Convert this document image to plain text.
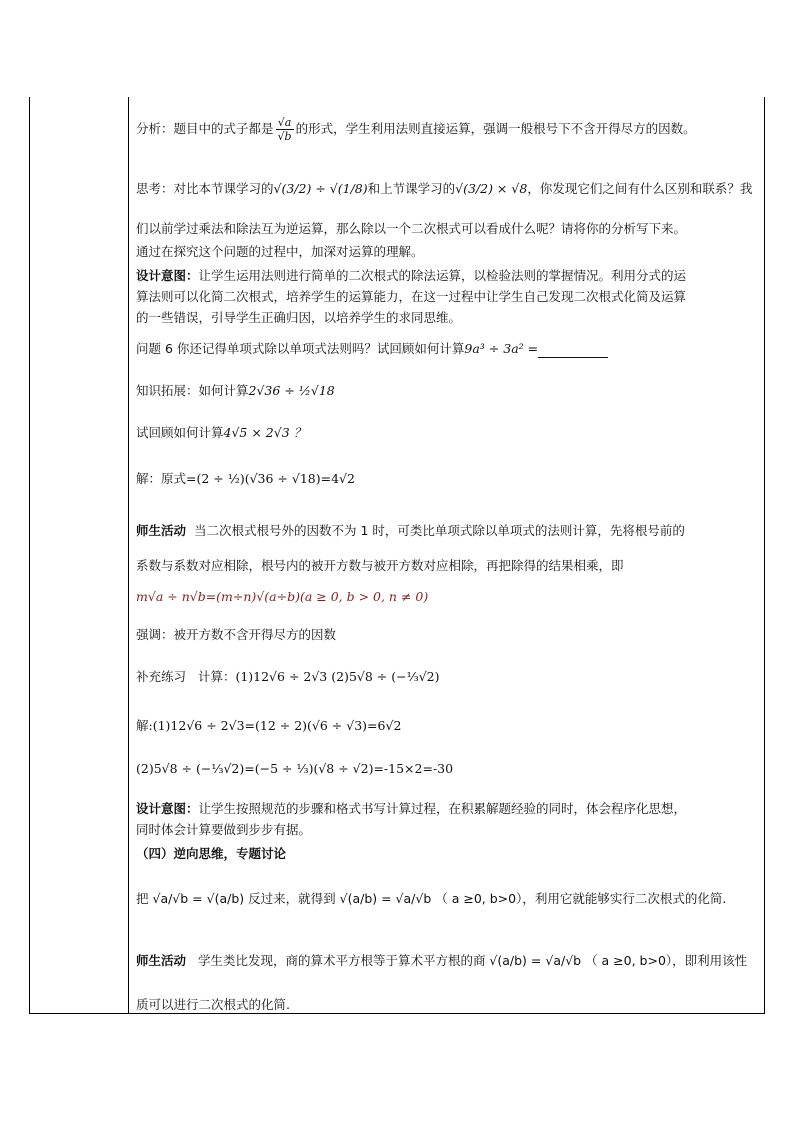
分析：题目中的式子都是 $\frac{√a}{√b}$ 的形式，学生利用法则直接运算，强调一般根号下不含开得尽方的因数。
思考：对比本节课学习的√(3/2) ÷ √(1/8)和上节课学习的√(3/2) × √8，你发现它们之间有什么区别和联系？我
们以前学过乘法和除法互为逆运算，那么除以一个二次根式可以看成什么呢？请将你的分析写下来。
通过在探究这个问题的过程中，加深对运算的理解。
设计意图：让学生运用法则进行简单的二次根式的除法运算，以检验法则的掌握情况。利用分式的运
算法则可以化简二次根式，培养学生的运算能力，在这一过程中让学生自己发现二次根式化简及运算
的一些错误，引导学生正确归因，以培养学生的求同思维。
问题 6 你还记得单项式除以单项式法则吗？试回顾如何计算9a³ ÷ 3a² =
知识拓展：如何计算2√36 ÷ ½√18
试回顾如何计算4√5 × 2√3 ？
解：原式=(2 ÷ ½)(√36 ÷ √18)=4√2
师生活动 当二次根式根号外的因数不为 1 时，可类比单项式除以单项式的法则计算，先将根号前的
系数与系数对应相除，根号内的被开方数与被开方数对应相除，再把除得的结果相乘，即
m√a ÷ n√b=(m÷n)√(a÷b)(a ≥ 0, b > 0, n ≠ 0)
强调：被开方数不含开得尽方的因数
补充练习 计算：(1)12√6 ÷ 2√3 (2)5√8 ÷ (−⅓√2)
解:(1)12√6 ÷ 2√3=(12 ÷ 2)(√6 ÷ √3)=6√2
(2)5√8 ÷ (−⅓√2)=(−5 ÷ ⅓)(√8 ÷ √2)=-15×2=-30
设计意图：让学生按照规范的步骤和格式书写计算过程，在积累解题经验的同时，体会程序化思想，
同时体会计算要做到步步有据。
（四）逆向思维，专题讨论
把 √a/√b = √(a/b) 反过来，就得到 √(a/b) = √a/√b （ a ≥0, b>0），利用它就能够实行二次根式的化简.
师生活动 学生类比发现，商的算术平方根等于算术平方根的商 √(a/b) = √a/√b （ a ≥0, b>0），即利用该性
质可以进行二次根式的化简.
